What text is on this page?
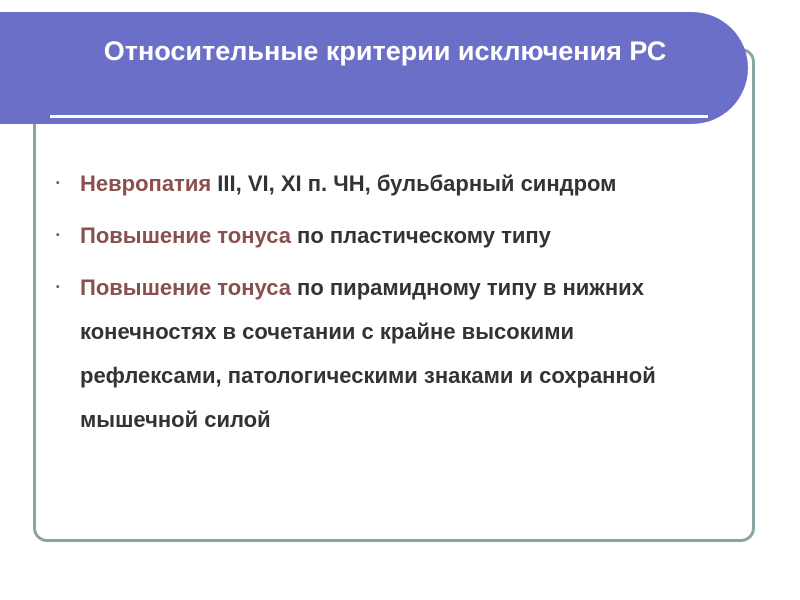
Относительные критерии исключения РС
• Невропатия III, VI, XI п. ЧН, бульбарный синдром
• Повышение тонуса по пластическому типу
• Повышение тонуса по пирамидному типу в нижних конечностях в сочетании с крайне высокими рефлексами, патологическими знаками и сохранной мышечной силой
